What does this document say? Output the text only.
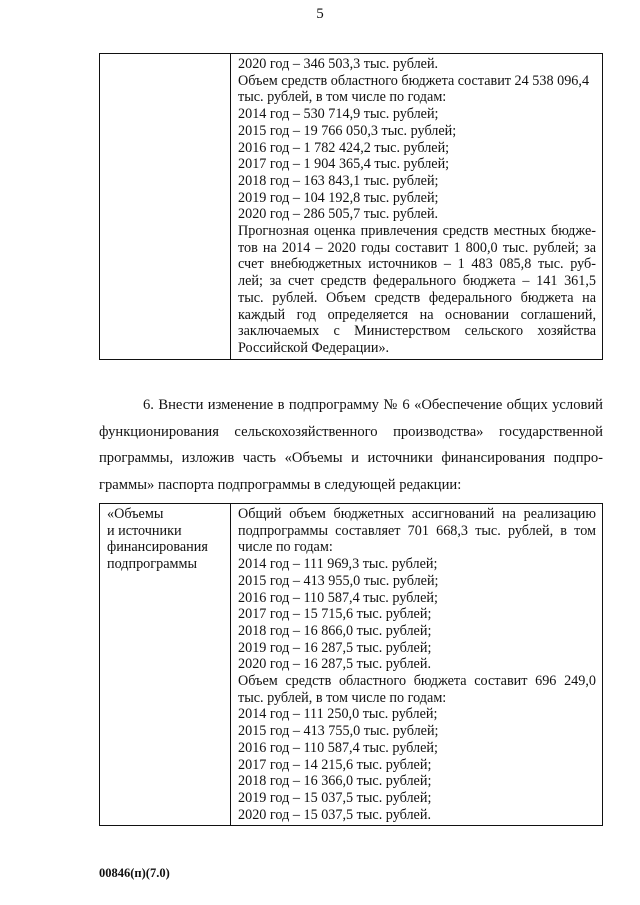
5

2020 год – 346 503,3 тыс. рублей.
Объем средств областного бюджета составит 24 538 096,4
тыс. рублей, в том числе по годам:
2014 год – 530 714,9 тыс. рублей;
2015 год – 19 766 050,3 тыс. рублей;
2016 год – 1 782 424,2 тыс. рублей;
2017 год – 1 904 365,4 тыс. рублей;
2018 год – 163 843,1 тыс. рублей;
2019 год – 104 192,8 тыс. рублей;
2020 год – 286 505,7 тыс. рублей.
Прогнозная оценка привлечения средств местных бюдже-
тов на 2014 – 2020 годы составит 1 800,0 тыс. рублей; за
счет внебюджетных источников – 1 483 085,8 тыс. руб-
лей; за счет средств федерального бюджета – 141 361,5
тыс. рублей. Объем средств федерального бюджета на
каждый год определяется на основании соглашений,
заключаемых с Министерством сельского хозяйства
Российской Федерации».
6. Внести изменение в подпрограмму № 6 «Обеспечение общих условий
функционирования сельскохозяйственного производства» государственной
программы, изложив часть «Объемы и источники финансирования подпро-
граммы» паспорта подпрограммы в следующей редакции:
«Объемы
и источники
финансирования
подпрограммы

Общий объем бюджетных ассигнований на реализацию
подпрограммы составляет 701 668,3 тыс. рублей, в том
числе по годам:
2014 год – 111 969,3 тыс. рублей;
2015 год – 413 955,0 тыс. рублей;
2016 год – 110 587,4 тыс. рублей;
2017 год – 15 715,6 тыс. рублей;
2018 год – 16 866,0 тыс. рублей;
2019 год – 16 287,5 тыс. рублей;
2020 год – 16 287,5 тыс. рублей.
Объем средств областного бюджета составит 696 249,0
тыс. рублей, в том числе по годам:
2014 год – 111 250,0 тыс. рублей;
2015 год – 413 755,0 тыс. рублей;
2016 год – 110 587,4 тыс. рублей;
2017 год – 14 215,6 тыс. рублей;
2018 год – 16 366,0 тыс. рублей;
2019 год – 15 037,5 тыс. рублей;
2020 год – 15 037,5 тыс. рублей.
00846(п)(7.0)
